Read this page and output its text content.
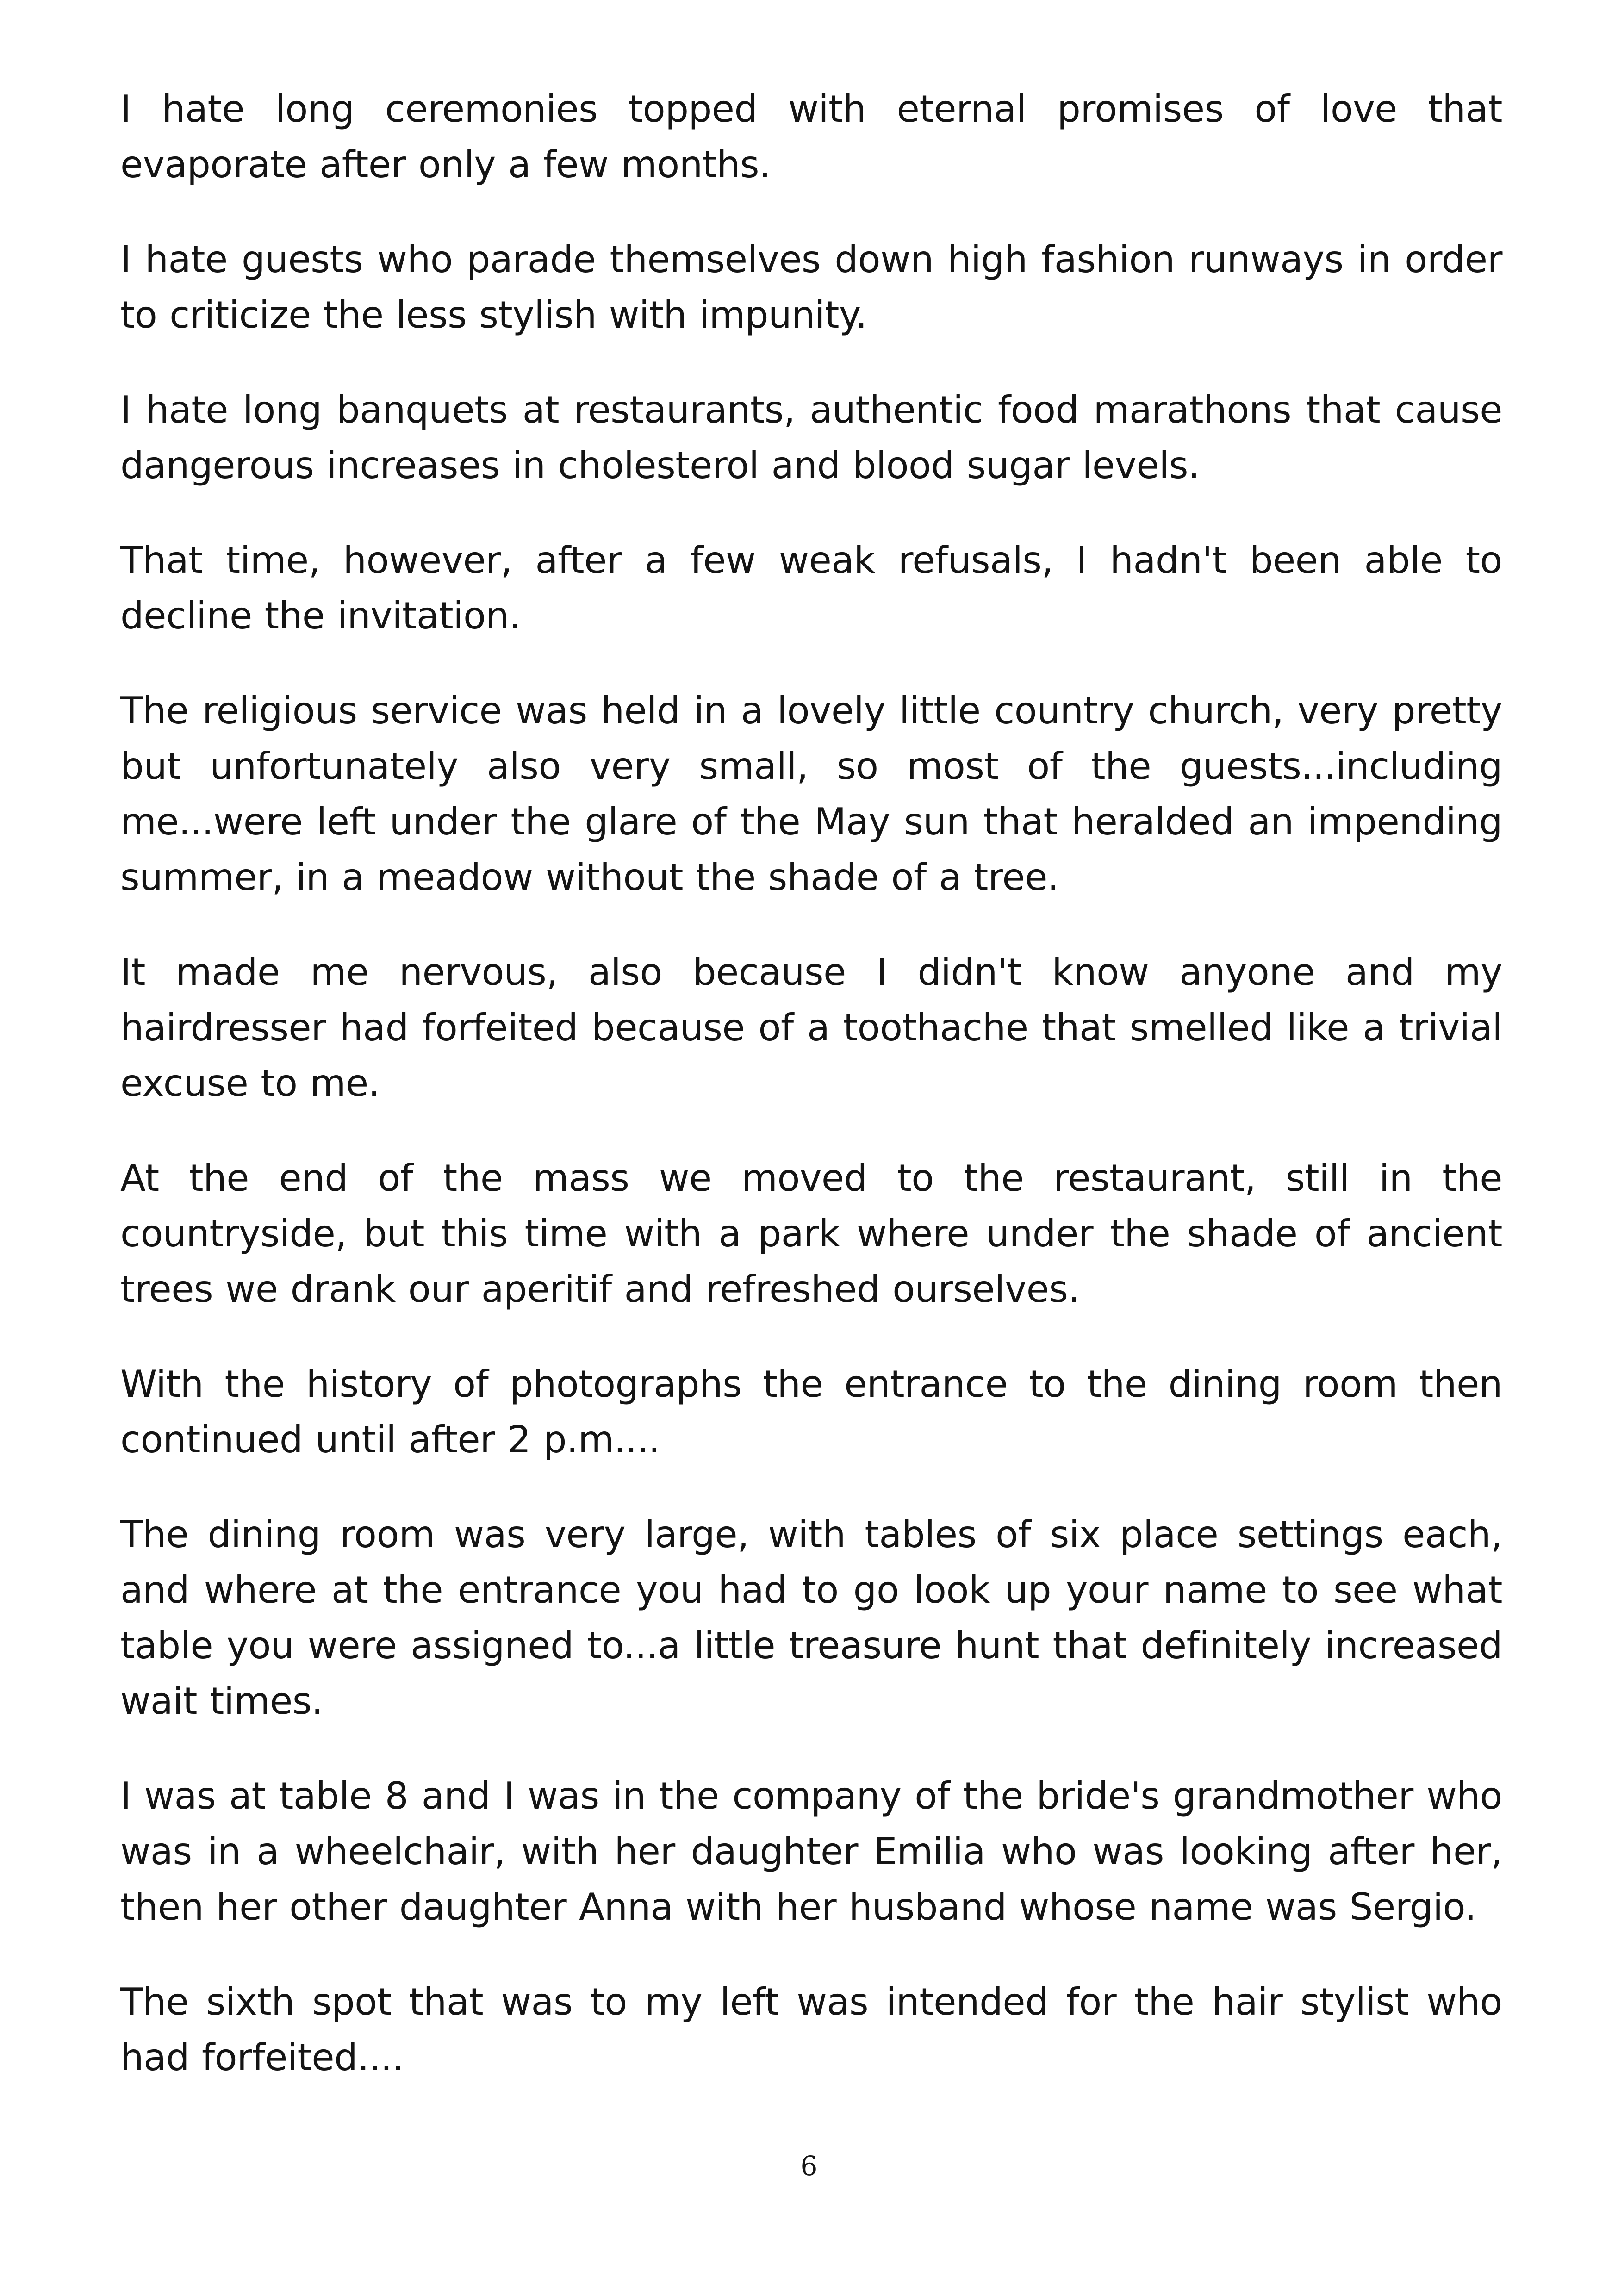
I hate long ceremonies topped with eternal promises of love that evaporate after only a few months.

I hate guests who parade themselves down high fashion runways in order to criticize the less stylish with impunity.

I hate long banquets at restaurants, authentic food marathons that cause dangerous increases in cholesterol and blood sugar levels.

That time, however, after a few weak refusals, I hadn't been able to decline the invitation.

The religious service was held in a lovely little country church, very pretty but unfortunately also very small, so most of the guests...including me...were left under the glare of the May sun that heralded an impending summer, in a meadow without the shade of a tree.

It made me nervous, also because I didn't know anyone and my hairdresser had forfeited because of a toothache that smelled like a trivial excuse to me.

At the end of the mass we moved to the restaurant, still in the countryside, but this time with a park where under the shade of ancient trees we drank our aperitif and refreshed ourselves.

With the history of photographs the entrance to the dining room then continued until after 2 p.m....

The dining room was very large, with tables of six place settings each, and where at the entrance you had to go look up your name to see what table you were assigned to...a little treasure hunt that definitely increased wait times.

I was at table 8 and I was in the company of the bride's grandmother who was in a wheelchair, with her daughter Emilia who was looking after her, then her other daughter Anna with her husband whose name was Sergio.

The sixth spot that was to my left was intended for the hair stylist who had forfeited....

6
